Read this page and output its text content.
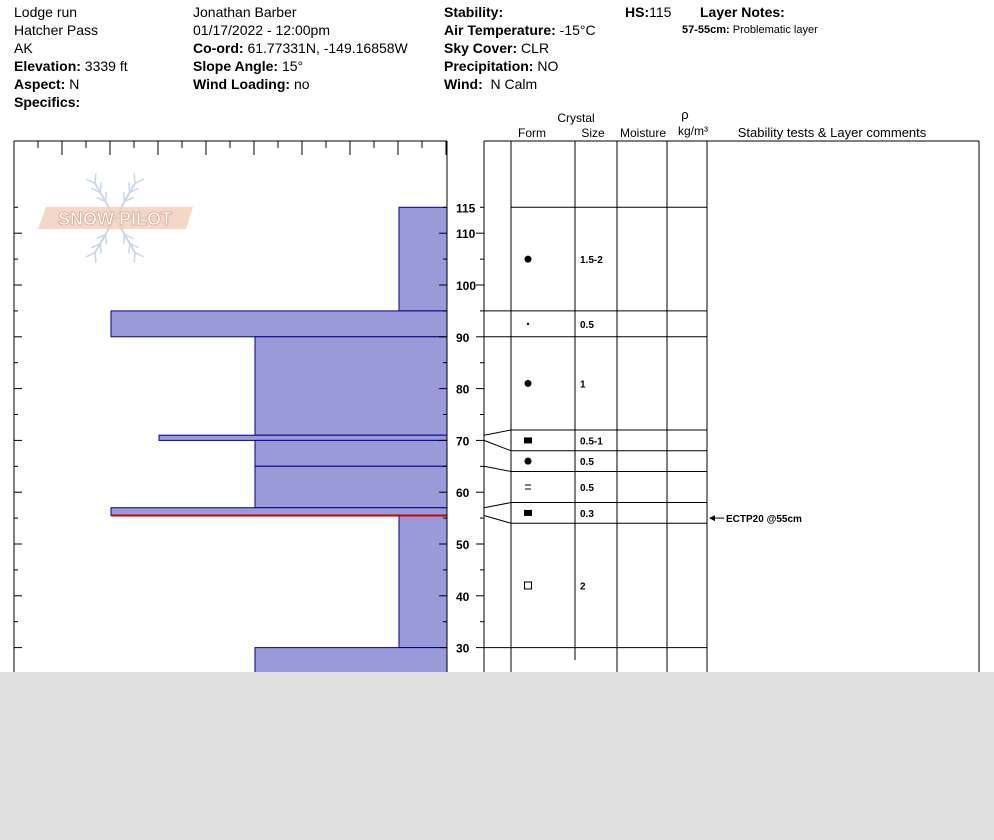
Lodge run
Hatcher Pass
AK
Elevation: 3339 ft
Aspect: N
Specifics:
Jonathan Barber
01/17/2022 - 12:00pm
Co-ord: 61.77331N, -149.16858W
Slope Angle: 15°
Wind Loading: no
Stability:
Air Temperature: -15°C
Sky Cover: CLR
Precipitation: NO
Wind: N Calm
HS:115 Layer Notes:
57-55cm: Problematic layer
30
40
50
60
70
80
90
100
110
115
SNOW PILOT
Crystal
Form	Size Moisture
ρ
kg/m³ Stability tests & Layer comments
1.5-2
0.5
1
0.5-1
0.5
0.5
0.3
2
ECTP20 @55cm
